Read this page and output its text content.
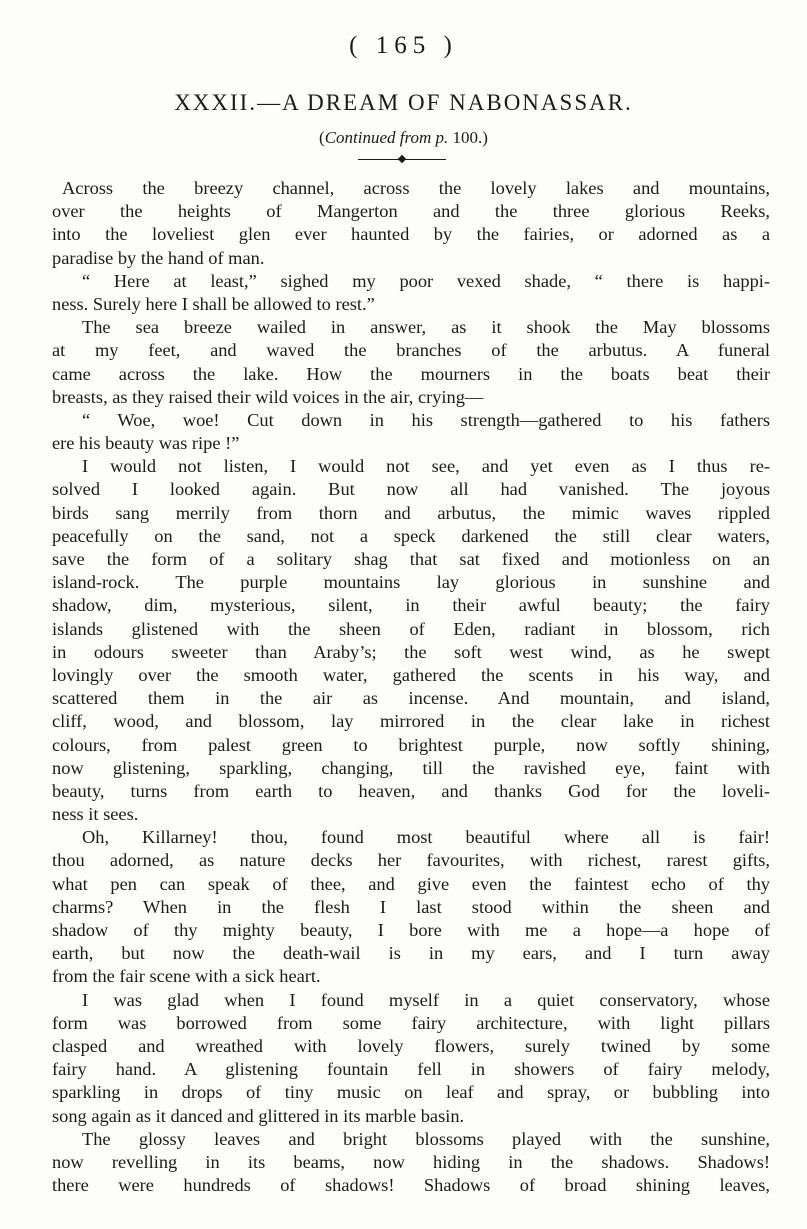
( 165 )
XXXII.—A DREAM OF NABONASSAR.
(Continued from p. 100.)
Across the breezy channel, across the lovely lakes and mountains,
over the heights of Mangerton and the three glorious Reeks,
into the loveliest glen ever haunted by the fairies, or adorned as a
paradise by the hand of man.
“ Here at least,” sighed my poor vexed shade, “ there is happi-
ness. Surely here I shall be allowed to rest.”
The sea breeze wailed in answer, as it shook the May blossoms
at my feet, and waved the branches of the arbutus. A funeral
came across the lake. How the mourners in the boats beat their
breasts, as they raised their wild voices in the air, crying—
“ Woe, woe! Cut down in his strength—gathered to his fathers
ere his beauty was ripe !”
I would not listen, I would not see, and yet even as I thus re-
solved I looked again. But now all had vanished. The joyous
birds sang merrily from thorn and arbutus, the mimic waves rippled
peacefully on the sand, not a speck darkened the still clear waters,
save the form of a solitary shag that sat fixed and motionless on an
island-rock. The purple mountains lay glorious in sunshine and
shadow, dim, mysterious, silent, in their awful beauty; the fairy
islands glistened with the sheen of Eden, radiant in blossom, rich
in odours sweeter than Araby’s; the soft west wind, as he swept
lovingly over the smooth water, gathered the scents in his way, and
scattered them in the air as incense. And mountain, and island,
cliff, wood, and blossom, lay mirrored in the clear lake in richest
colours, from palest green to brightest purple, now softly shining,
now glistening, sparkling, changing, till the ravished eye, faint with
beauty, turns from earth to heaven, and thanks God for the loveli-
ness it sees.
Oh, Killarney! thou, found most beautiful where all is fair!
thou adorned, as nature decks her favourites, with richest, rarest gifts,
what pen can speak of thee, and give even the faintest echo of thy
charms? When in the flesh I last stood within the sheen and
shadow of thy mighty beauty, I bore with me a hope—a hope of
earth, but now the death-wail is in my ears, and I turn away
from the fair scene with a sick heart.
I was glad when I found myself in a quiet conservatory, whose
form was borrowed from some fairy architecture, with light pillars
clasped and wreathed with lovely flowers, surely twined by some
fairy hand. A glistening fountain fell in showers of fairy melody,
sparkling in drops of tiny music on leaf and spray, or bubbling into
song again as it danced and glittered in its marble basin.
The glossy leaves and bright blossoms played with the sunshine,
now revelling in its beams, now hiding in the shadows. Shadows!
there were hundreds of shadows! Shadows of broad shining leaves,
